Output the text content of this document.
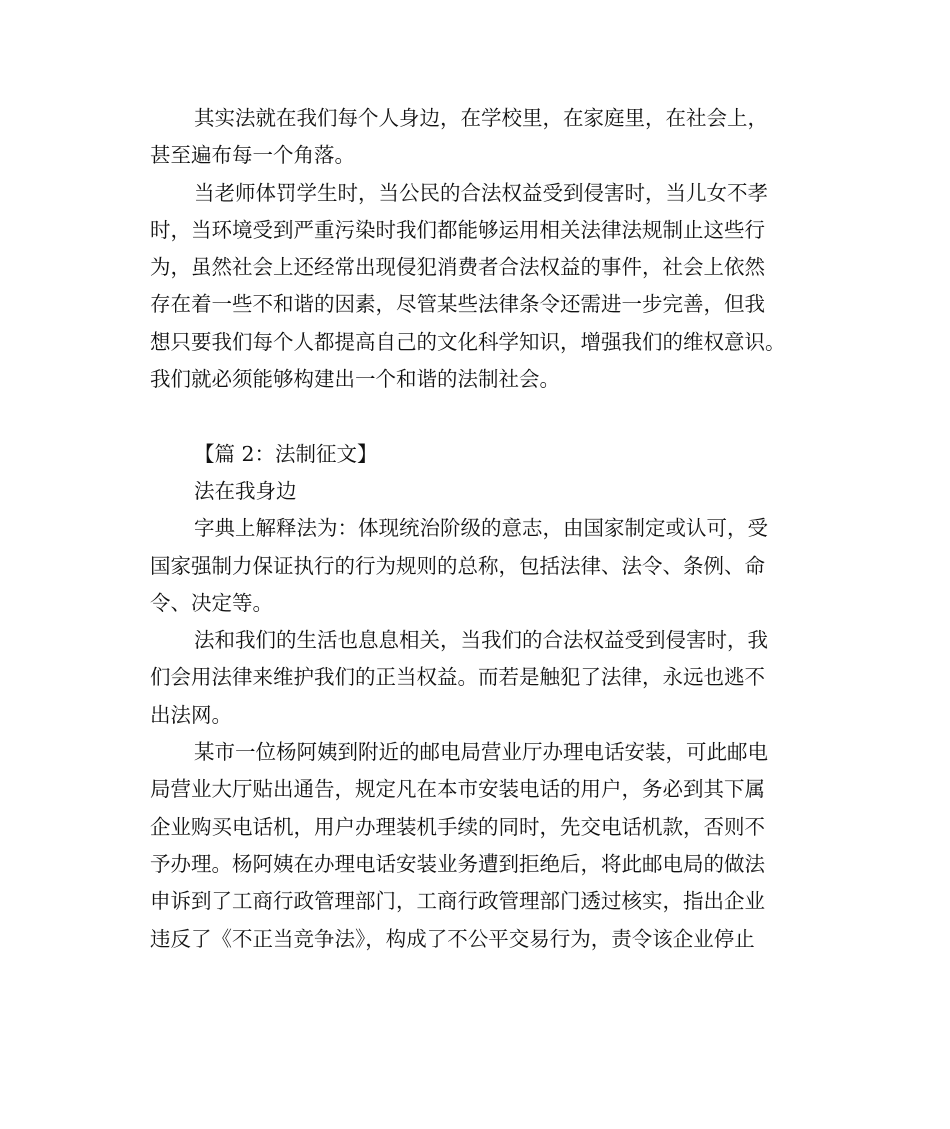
其实法就在我们每个人身边，在学校里，在家庭里，在社会上，
甚至遍布每一个角落。
当老师体罚学生时，当公民的合法权益受到侵害时，当儿女不孝
时，当环境受到严重污染时我们都能够运用相关法律法规制止这些行
为，虽然社会上还经常出现侵犯消费者合法权益的事件，社会上依然
存在着一些不和谐的因素，尽管某些法律条令还需进一步完善，但我
想只要我们每个人都提高自己的文化科学知识，增强我们的维权意识。
我们就必须能够构建出一个和谐的法制社会。
【篇 2：法制征文】
法在我身边
字典上解释法为：体现统治阶级的意志，由国家制定或认可，受
国家强制力保证执行的行为规则的总称，包括法律、法令、条例、命
令、决定等。
法和我们的生活也息息相关，当我们的合法权益受到侵害时，我
们会用法律来维护我们的正当权益。而若是触犯了法律，永远也逃不
出法网。
某市一位杨阿姨到附近的邮电局营业厅办理电话安装，可此邮电
局营业大厅贴出通告，规定凡在本市安装电话的用户，务必到其下属
企业购买电话机，用户办理装机手续的同时，先交电话机款，否则不
予办理。杨阿姨在办理电话安装业务遭到拒绝后，将此邮电局的做法
申诉到了工商行政管理部门，工商行政管理部门透过核实，指出企业
违反了《不正当竞争法》，构成了不公平交易行为，责令该企业停止
